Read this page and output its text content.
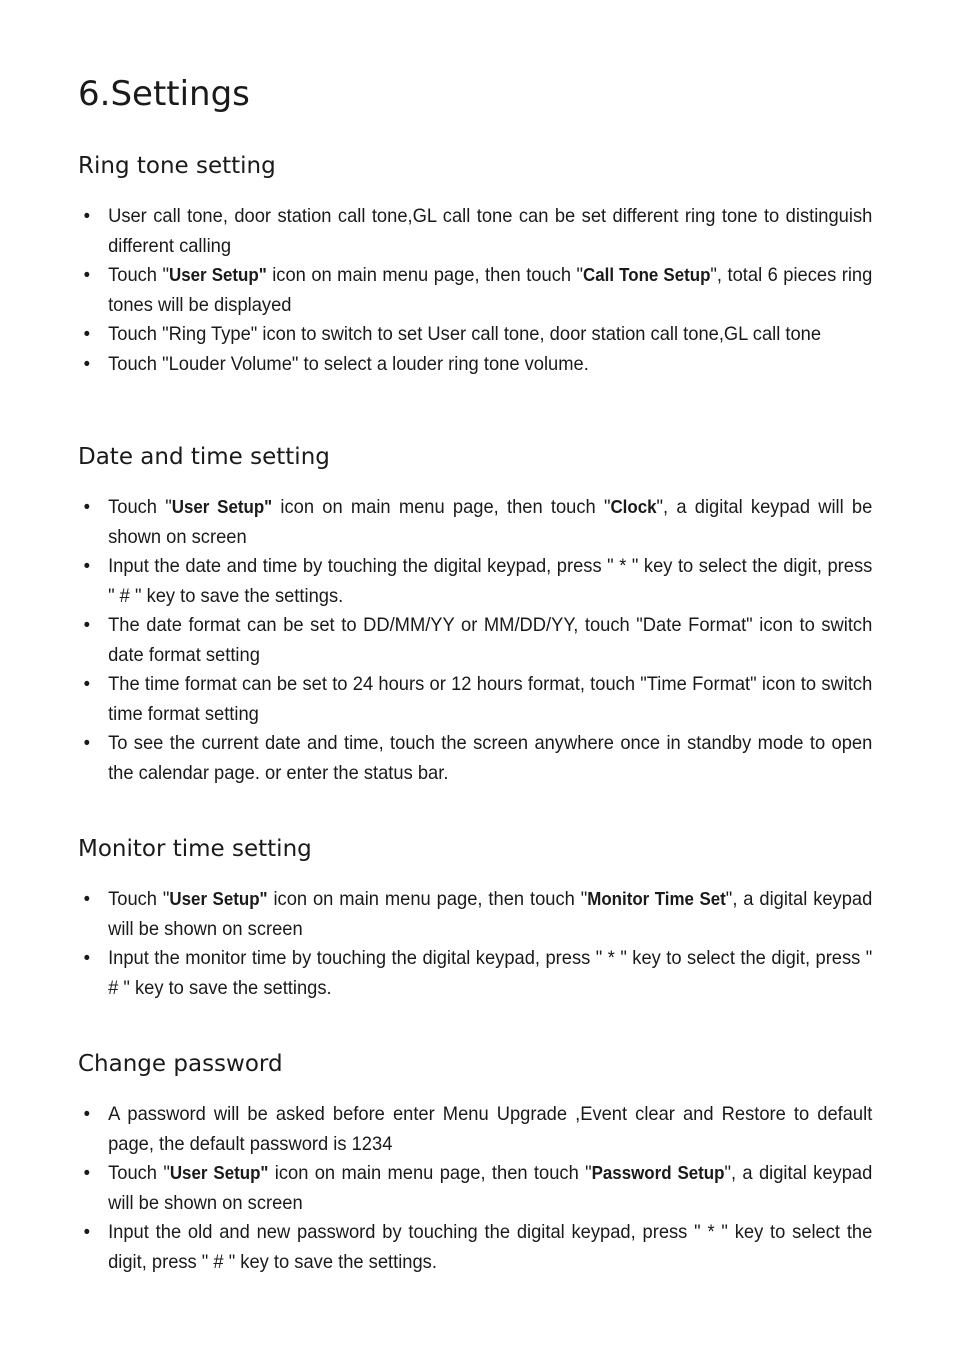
6.Settings
Ring tone setting
• User call tone, door station call tone,GL call tone can be set different ring tone to distinguish different calling
• Touch "User Setup" icon on main menu page, then touch "Call Tone Setup", total 6 pieces ring tones will be displayed
• Touch "Ring Type" icon to switch to set User call tone, door station call tone,GL call tone
• Touch "Louder Volume" to select a louder ring tone volume.
Date and time setting
• Touch "User Setup" icon on main menu page, then touch "Clock", a digital keypad will be shown on screen
• Input the date and time by touching the digital keypad, press " * " key to select the digit, press " # " key to save the settings.
• The date format can be set to DD/MM/YY or MM/DD/YY, touch "Date Format" icon to switch date format setting
• The time format can be set to 24 hours or 12 hours format, touch "Time Format" icon to switch time format setting
• To see the current date and time, touch the screen anywhere once in standby mode to open the calendar page. or enter the status bar.
Monitor time setting
• Touch "User Setup" icon on main menu page, then touch "Monitor Time Set", a digital keypad will be shown on screen
• Input the monitor time by touching the digital keypad, press " * " key to select the digit, press " # " key to save the settings.
Change password
• A password will be asked before enter Menu Upgrade ,Event clear and Restore to default page, the default password is 1234
• Touch "User Setup" icon on main menu page, then touch "Password Setup", a digital keypad will be shown on screen
• Input the old and new password by touching the digital keypad, press " * " key to select the digit, press " # " key to save the settings.
